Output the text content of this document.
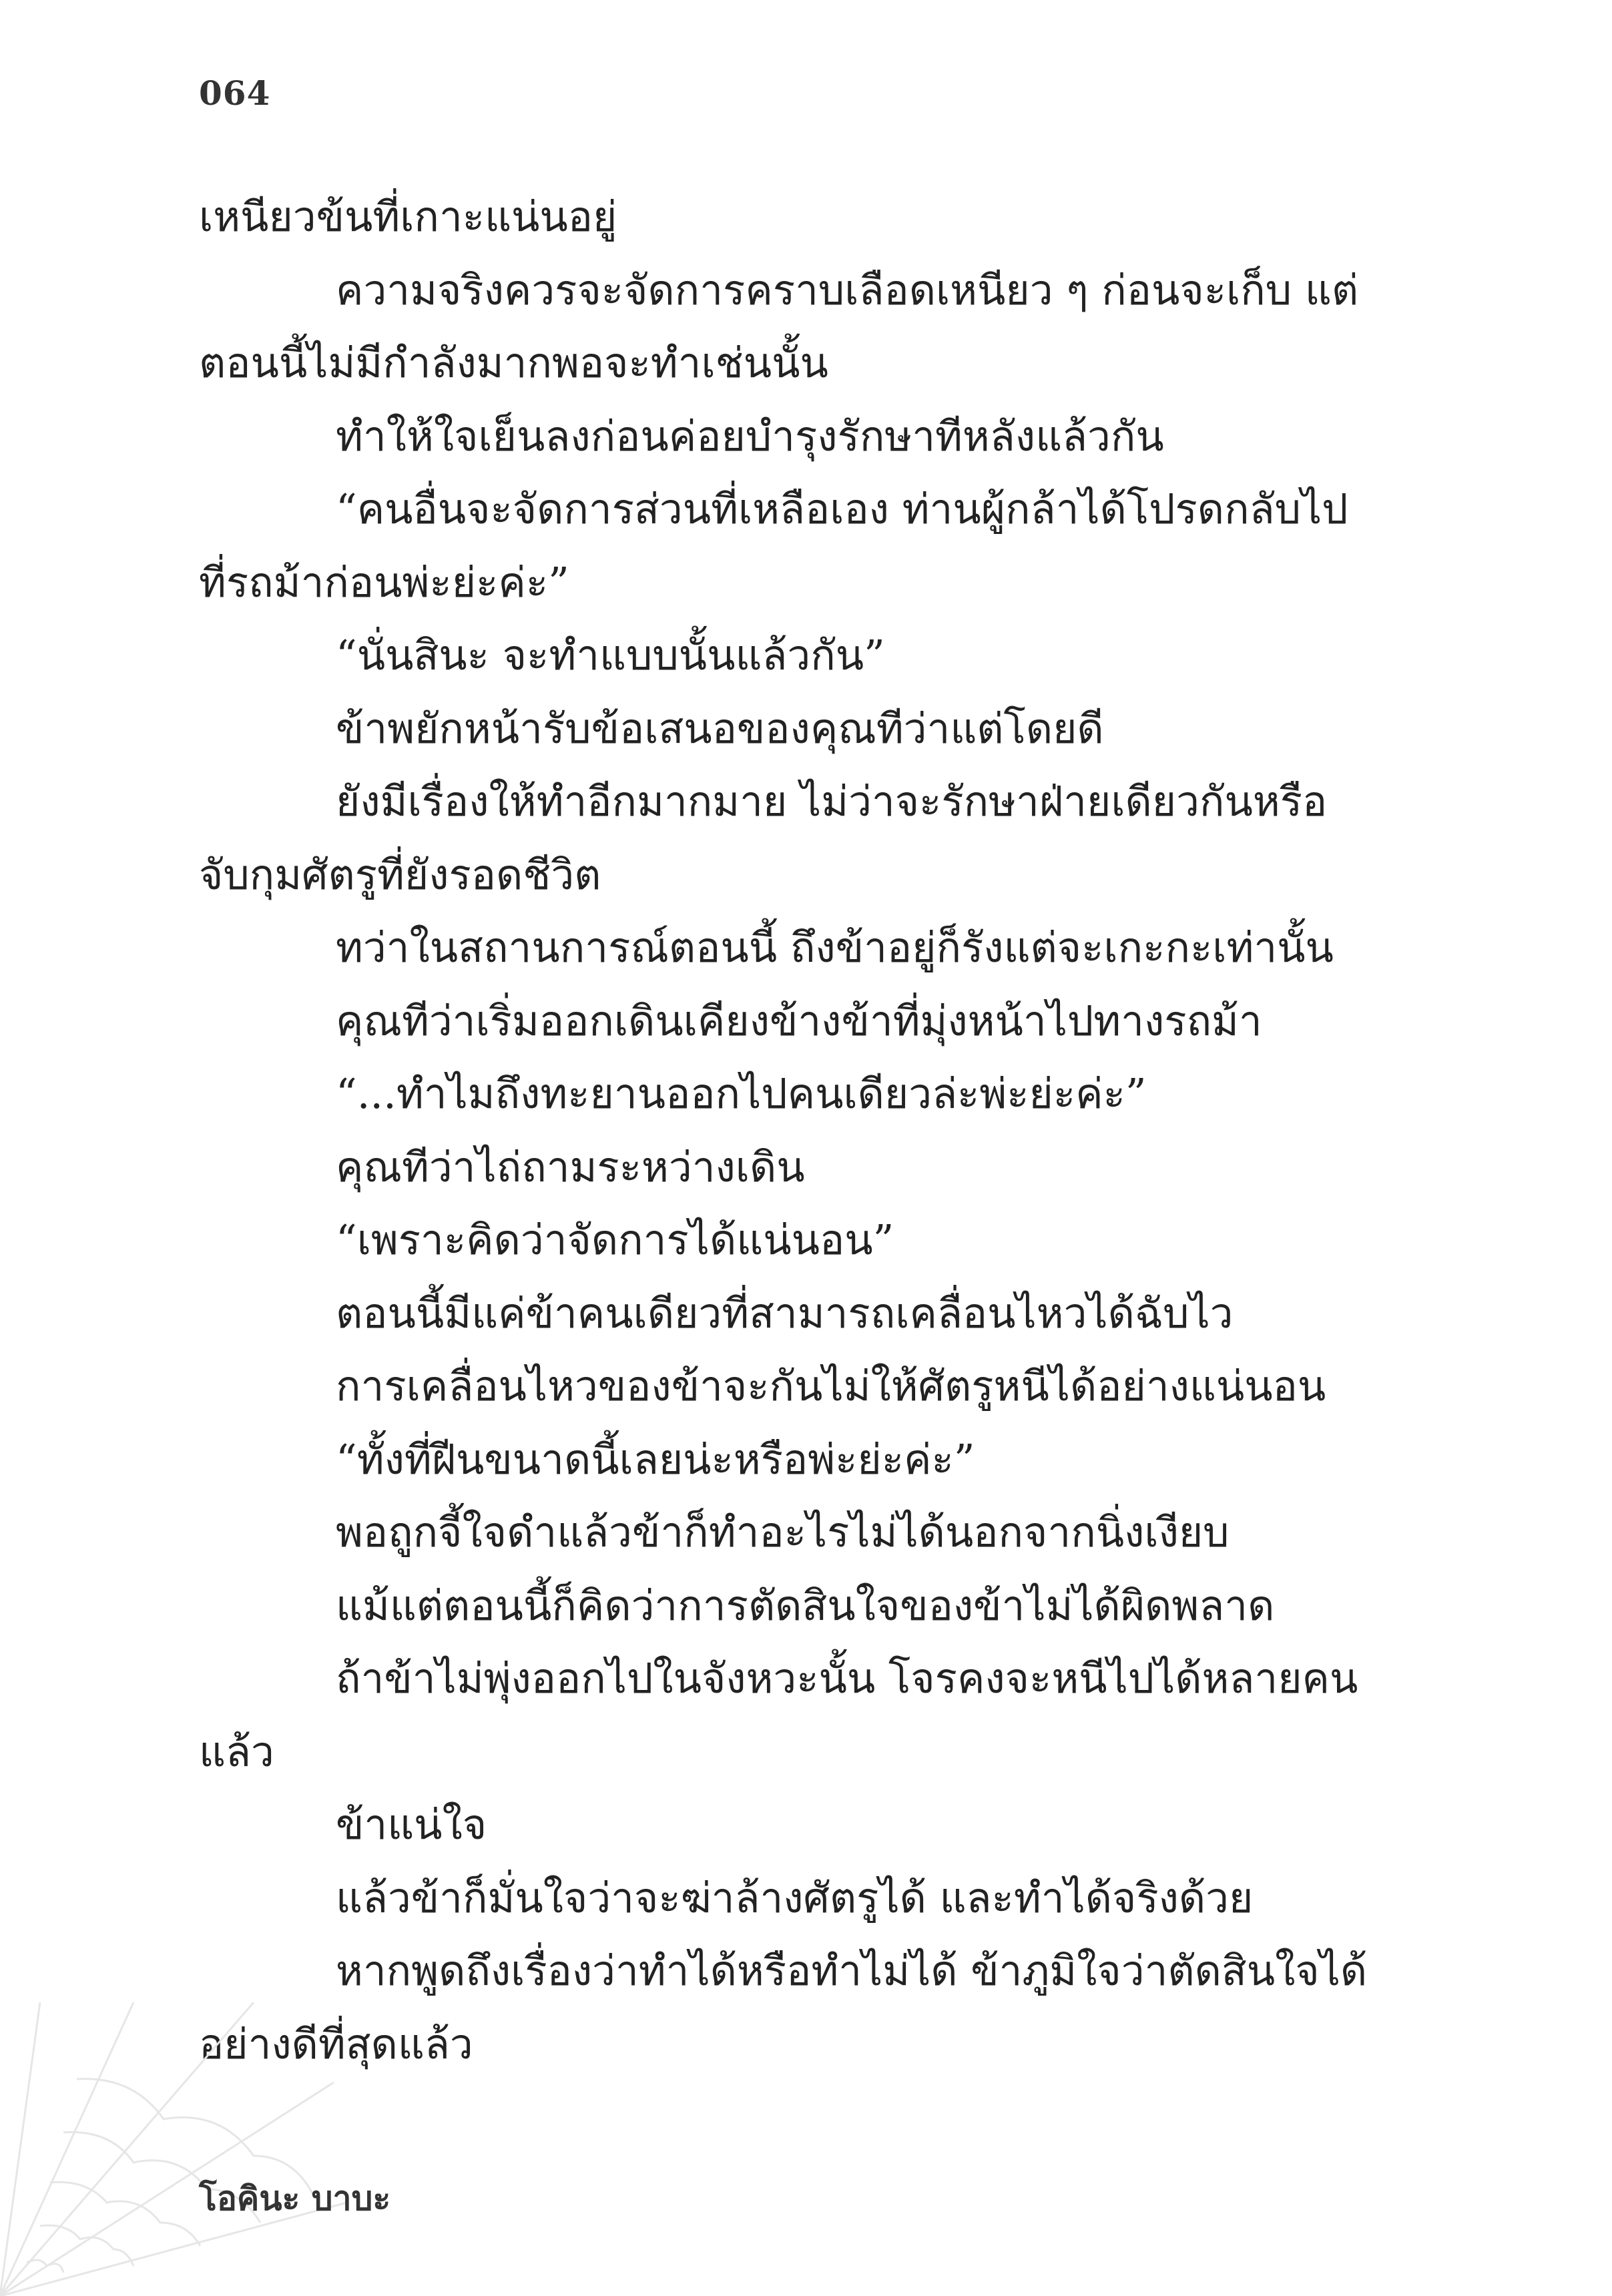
064
เหนียวข้นที่เกาะแน่นอยู่
ความจริงควรจะจัดการคราบเลือดเหนียว ๆ ก่อนจะเก็บ แต่
ตอนนี้ไม่มีกำลังมากพอจะทำเช่นนั้น
ทำให้ใจเย็นลงก่อนค่อยบำรุงรักษาทีหลังแล้วกัน
“คนอื่นจะจัดการส่วนที่เหลือเอง ท่านผู้กล้าได้โปรดกลับไป
ที่รถม้าก่อนพ่ะย่ะค่ะ”
“นั่นสินะ จะทำแบบนั้นแล้วกัน”
ข้าพยักหน้ารับข้อเสนอของคุณทีว่าแต่โดยดี
ยังมีเรื่องให้ทำอีกมากมาย ไม่ว่าจะรักษาฝ่ายเดียวกันหรือ
จับกุมศัตรูที่ยังรอดชีวิต
ทว่าในสถานการณ์ตอนนี้ ถึงข้าอยู่ก็รังแต่จะเกะกะเท่านั้น
คุณทีว่าเริ่มออกเดินเคียงข้างข้าที่มุ่งหน้าไปทางรถม้า
“...ทำไมถึงทะยานออกไปคนเดียวล่ะพ่ะย่ะค่ะ”
คุณทีว่าไถ่ถามระหว่างเดิน
“เพราะคิดว่าจัดการได้แน่นอน”
ตอนนี้มีแค่ข้าคนเดียวที่สามารถเคลื่อนไหวได้ฉับไว
การเคลื่อนไหวของข้าจะกันไม่ให้ศัตรูหนีได้อย่างแน่นอน
“ทั้งที่ฝีนขนาดนี้เลยน่ะหรือพ่ะย่ะค่ะ”
พอถูกจี้ใจดำแล้วข้าก็ทำอะไรไม่ได้นอกจากนิ่งเงียบ
แม้แต่ตอนนี้ก็คิดว่าการตัดสินใจของข้าไม่ได้ผิดพลาด
ถ้าข้าไม่พุ่งออกไปในจังหวะนั้น โจรคงจะหนีไปได้หลายคน
แล้ว
ข้าแน่ใจ
แล้วข้าก็มั่นใจว่าจะฆ่าล้างศัตรูได้ และทำได้จริงด้วย
หากพูดถึงเรื่องว่าทำได้หรือทำไม่ได้ ข้าภูมิใจว่าตัดสินใจได้
อย่างดีที่สุดแล้ว
โอคินะ บาบะ
